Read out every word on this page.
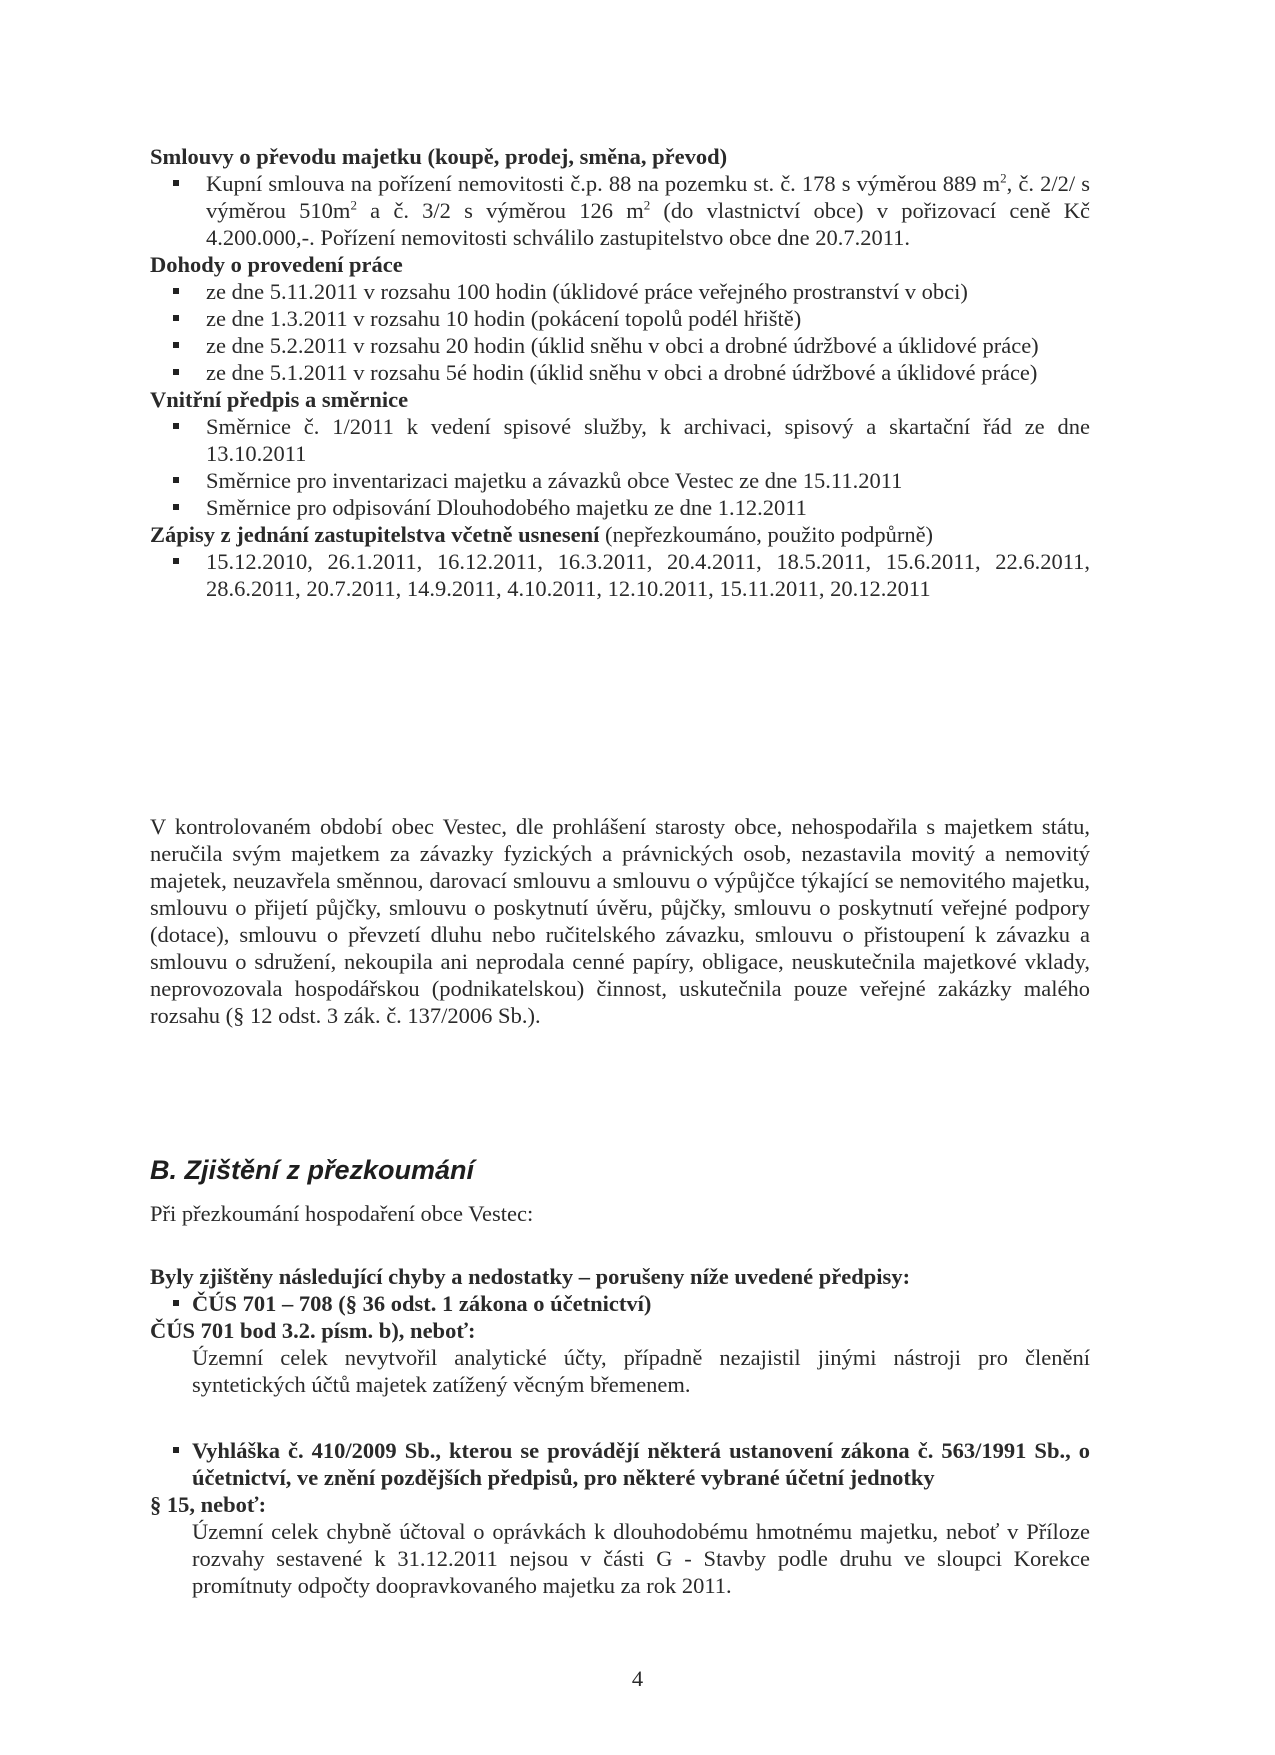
Smlouvy o převodu majetku (koupě, prodej, směna, převod)

Kupní smlouva na pořízení nemovitosti č.p. 88 na pozemku st. č. 178 s výměrou 889 $m^2$, č. 2/2/ s výměrou $510m^2$ a č. 3/2 s výměrou 126 $m^2$ (do vlastnictví obce) v pořizovací ceně Kč 4.200.000,-. Pořízení nemovitosti schválilo zastupitelstvo obce dne 20.7.2011.

Dohody o provedení práce

ze dne 5.11.2011 v rozsahu 100 hodin (úklidové práce veřejného prostranství v obci)
ze dne 1.3.2011 v rozsahu 10 hodin (pokácení topolů podél hřiště)
ze dne 5.2.2011 v rozsahu 20 hodin (úklid sněhu v obci a drobné údržbové a úklidové práce)
ze dne 5.1.2011 v rozsahu 5é hodin (úklid sněhu v obci a drobné údržbové a úklidové práce)

Vnitřní předpis a směrnice

Směrnice č. 1/2011 k vedení spisové služby, k archivaci, spisový a skartační řád ze dne 13.10.2011
Směrnice pro inventarizaci majetku a závazků obce Vestec ze dne 15.11.2011
Směrnice pro odpisování Dlouhodobého majetku ze dne 1.12.2011

Zápisy z jednání zastupitelstva včetně usnesení (nepřezkoumáno, použito podpůrně)

15.12.2010, 26.1.2011, 16.12.2011, 16.3.2011, 20.4.2011, 18.5.2011, 15.6.2011, 22.6.2011, 28.6.2011, 20.7.2011, 14.9.2011, 4.10.2011, 12.10.2011, 15.11.2011, 20.12.2011

V kontrolovaném období obec Vestec, dle prohlášení starosty obce, nehospodařila s majetkem státu, neručila svým majetkem za závazky fyzických a právnických osob, nezastavila movitý a nemovitý majetek, neuzavřela směnnou, darovací smlouvu a smlouvu o výpůjčce týkající se nemovitého majetku, smlouvu o přijetí půjčky, smlouvu o poskytnutí úvěru, půjčky, smlouvu o poskytnutí veřejné podpory (dotace), smlouvu o převzetí dluhu nebo ručitelského závazku, smlouvu o přistoupení k závazku a smlouvu o sdružení, nekoupila ani neprodala cenné papíry, obligace, neuskutečnila majetkové vklady, neprovozovala hospodářskou (podnikatelskou) činnost, uskutečnila pouze veřejné zakázky malého rozsahu (§ 12 odst. 3 zák. č. 137/2006 Sb.).

B. Zjištění z přezkoumání

Při přezkoumání hospodaření obce Vestec:

Byly zjištěny následující chyby a nedostatky – porušeny níže uvedené předpisy:

ČÚS 701 – 708 (§ 36 odst. 1 zákona o účetnictví)

ČÚS 701 bod 3.2. písm. b), neboť:

Územní celek nevytvořil analytické účty, případně nezajistil jinými nástroji pro členění syntetických účtů majetek zatížený věcným břemenem.

Vyhláška č. 410/2009 Sb., kterou se provádějí některá ustanovení zákona č. 563/1991 Sb., o účetnictví, ve znění pozdějších předpisů, pro některé vybrané účetní jednotky

§ 15, neboť:

Územní celek chybně účtoval o oprávkách k dlouhodobému hmotnému majetku, neboť v Příloze rozvahy sestavené k 31.12.2011 nejsou v části G - Stavby podle druhu ve sloupci Korekce promítnuty odpočty doopravkovaného majetku za rok 2011.

4
